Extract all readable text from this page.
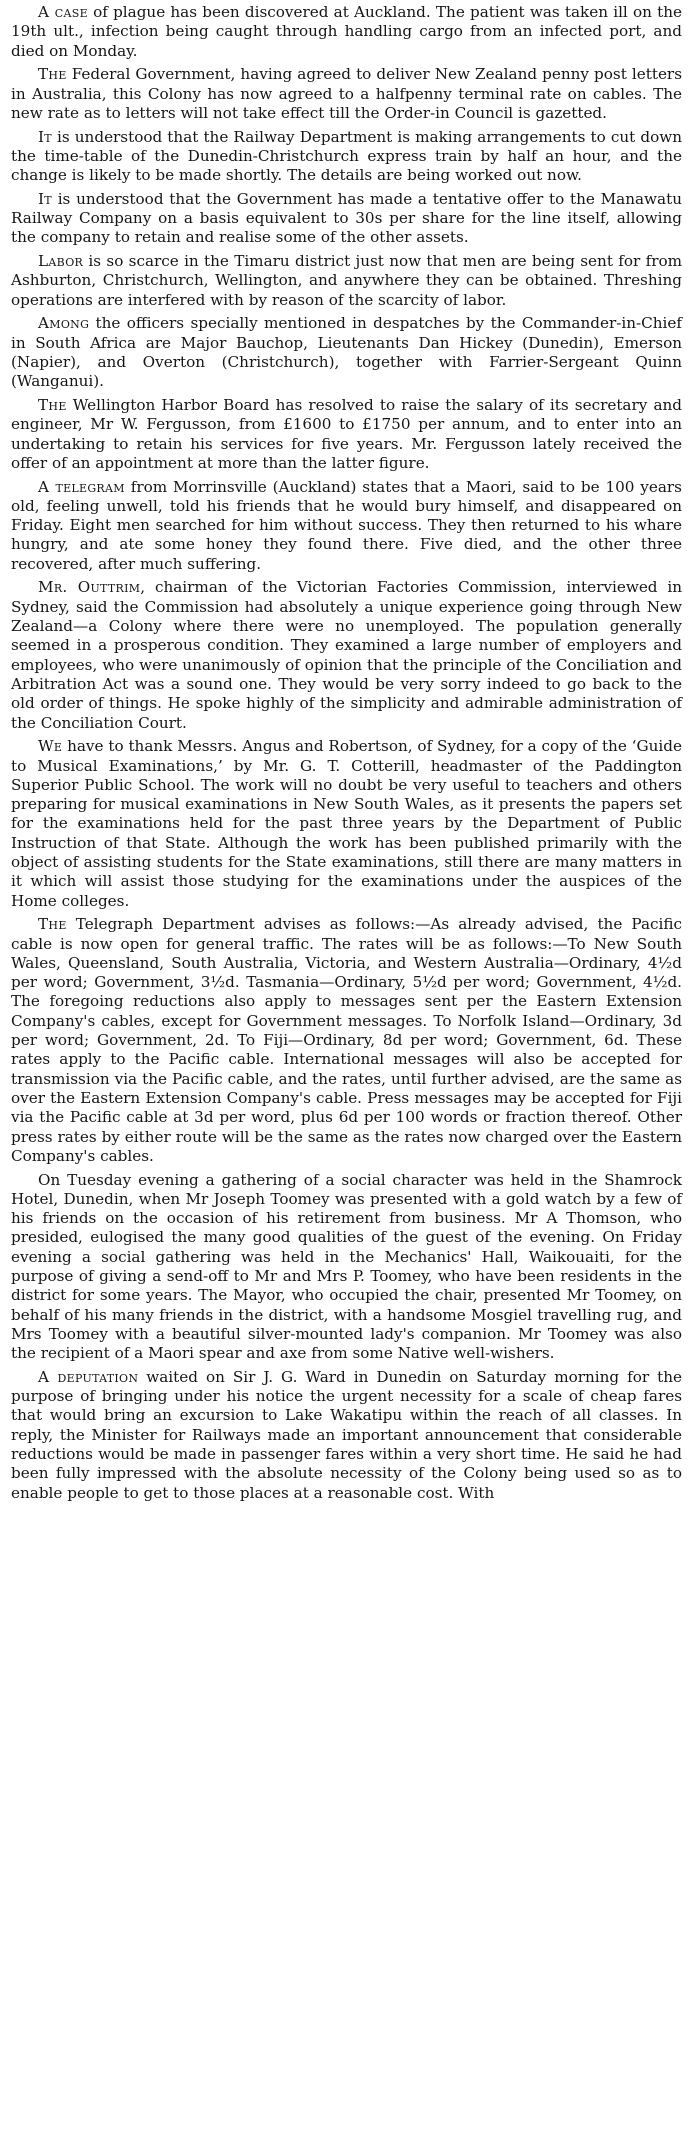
A case of plague has been discovered at Auckland. The patient was taken ill on the 19th ult., infection being caught through handling cargo from an infected port, and died on Monday.

The Federal Government, having agreed to deliver New Zealand penny post letters in Australia, this Colony has now agreed to a halfpenny terminal rate on cables. The new rate as to letters will not take effect till the Order-in Council is gazetted.

It is understood that the Railway Department is making arrangements to cut down the time-table of the Dunedin-Christchurch express train by half an hour, and the change is likely to be made shortly. The details are being worked out now.

It is understood that the Government has made a tentative offer to the Manawatu Railway Company on a basis equivalent to 30s per share for the line itself, allowing the company to retain and realise some of the other assets.

Labor is so scarce in the Timaru district just now that men are being sent for from Ashburton, Christchurch, Wellington, and anywhere they can be obtained. Threshing operations are interfered with by reason of the scarcity of labor.

Among the officers specially mentioned in despatches by the Commander-in-Chief in South Africa are Major Bauchop, Lieutenants Dan Hickey (Dunedin), Emerson (Napier), and Overton (Christchurch), together with Farrier-Sergeant Quinn (Wanganui).

The Wellington Harbor Board has resolved to raise the salary of its secretary and engineer, Mr W. Fergusson, from £1600 to £1750 per annum, and to enter into an undertaking to retain his services for five years. Mr. Fergusson lately received the offer of an appointment at more than the latter figure.

A telegram from Morrinsville (Auckland) states that a Maori, said to be 100 years old, feeling unwell, told his friends that he would bury himself, and disappeared on Friday. Eight men searched for him without success. They then returned to his whare hungry, and ate some honey they found there. Five died, and the other three recovered, after much suffering.

Mr. Outtrim, chairman of the Victorian Factories Commission, interviewed in Sydney, said the Commission had absolutely a unique experience going through New Zealand—a Colony where there were no unemployed. The population generally seemed in a prosperous condition. They examined a large number of employers and employees, who were unanimously of opinion that the principle of the Conciliation and Arbitration Act was a sound one. They would be very sorry indeed to go back to the old order of things. He spoke highly of the simplicity and admirable administration of the Conciliation Court.

We have to thank Messrs. Angus and Robertson, of Sydney, for a copy of the ‘Guide to Musical Examinations,’ by Mr. G. T. Cotterill, headmaster of the Paddington Superior Public School. The work will no doubt be very useful to teachers and others preparing for musical examinations in New South Wales, as it presents the papers set for the examinations held for the past three years by the Department of Public Instruction of that State. Although the work has been published primarily with the object of assisting students for the State examinations, still there are many matters in it which will assist those studying for the examinations under the auspices of the Home colleges.

The Telegraph Department advises as follows:—As already advised, the Pacific cable is now open for general traffic. The rates will be as follows:—To New South Wales, Queensland, South Australia, Victoria, and Western Australia—Ordinary, 4½d per word; Government, 3½d. Tasmania—Ordinary, 5½d per word; Government, 4½d. The foregoing reductions also apply to messages sent per the Eastern Extension Company's cables, except for Government messages. To Norfolk Island—Ordinary, 3d per word; Government, 2d. To Fiji—Ordinary, 8d per word; Government, 6d. These rates apply to the Pacific cable. International messages will also be accepted for transmission via the Pacific cable, and the rates, until further advised, are the same as over the Eastern Extension Company's cable. Press messages may be accepted for Fiji via the Pacific cable at 3d per word, plus 6d per 100 words or fraction thereof. Other press rates by either route will be the same as the rates now charged over the Eastern Company's cables.

On Tuesday evening a gathering of a social character was held in the Shamrock Hotel, Dunedin, when Mr Joseph Toomey was presented with a gold watch by a few of his friends on the occasion of his retirement from business. Mr A Thomson, who presided, eulogised the many good qualities of the guest of the evening. On Friday evening a social gathering was held in the Mechanics' Hall, Waikouaiti, for the purpose of giving a send-off to Mr and Mrs P. Toomey, who have been residents in the district for some years. The Mayor, who occupied the chair, presented Mr Toomey, on behalf of his many friends in the district, with a handsome Mosgiel travelling rug, and Mrs Toomey with a beautiful silver-mounted lady's companion. Mr Toomey was also the recipient of a Maori spear and axe from some Native well-wishers.

A deputation waited on Sir J. G. Ward in Dunedin on Saturday morning for the purpose of bringing under his notice the urgent necessity for a scale of cheap fares that would bring an excursion to Lake Wakatipu within the reach of all classes. In reply, the Minister for Railways made an important announcement that considerable reductions would be made in passenger fares within a very short time. He said he had been fully impressed with the absolute necessity of the Colony being used so as to enable people to get to those places at a reasonable cost. With
